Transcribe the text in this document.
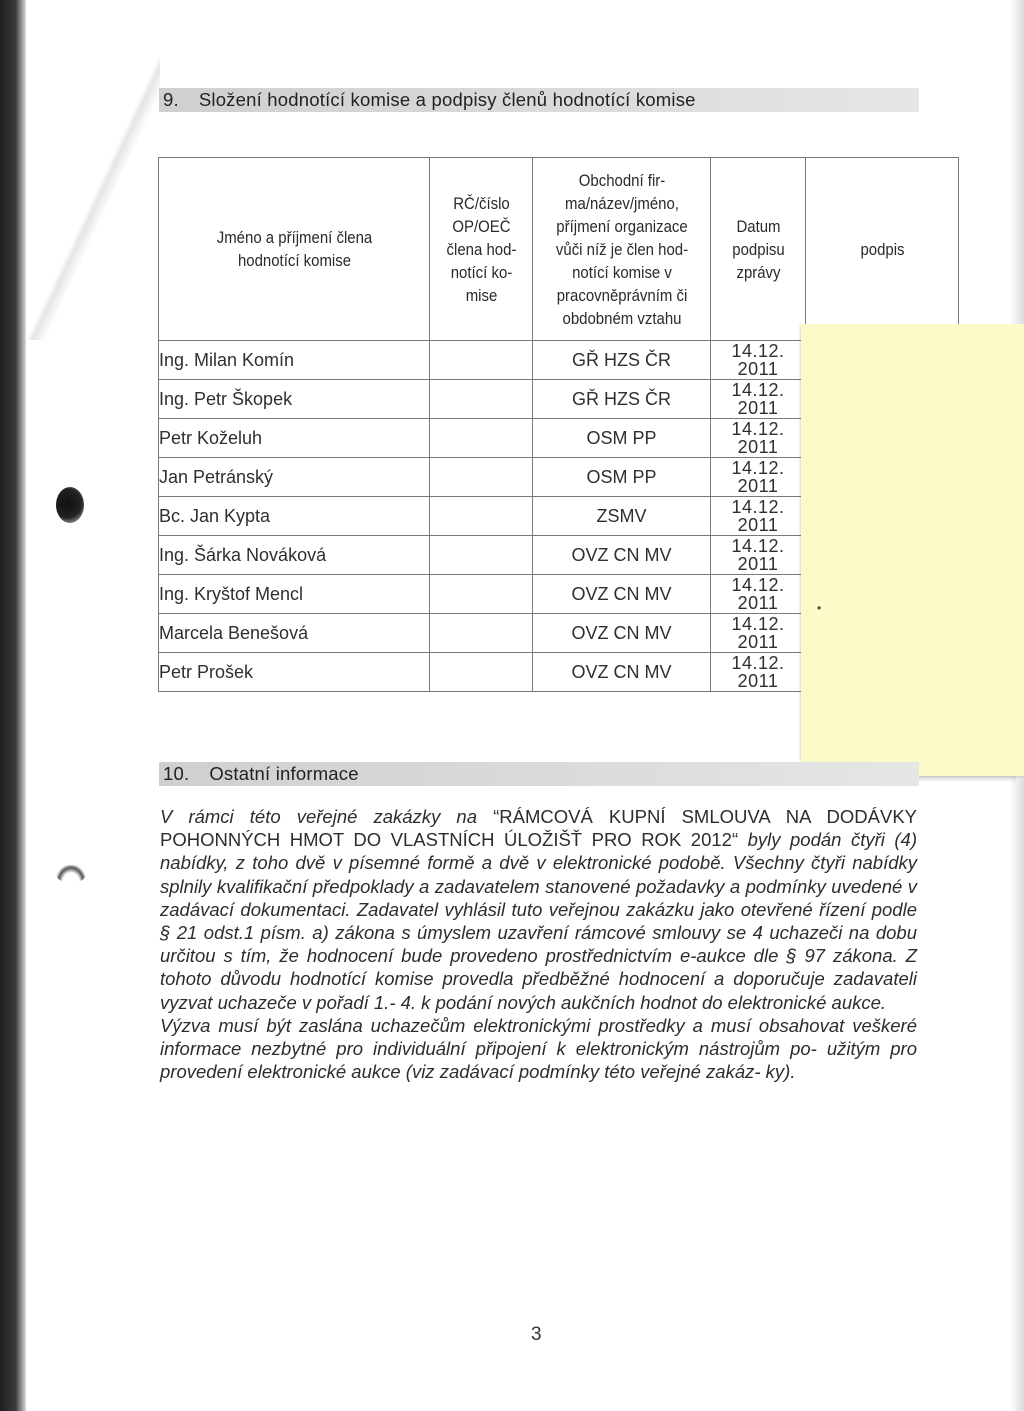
9. Složení hodnotící komise a podpisy členů hodnotící komise
Jméno a příjmení člena hodnotící komise	RČ/číslo OP/OEČ člena hod- notící ko- mise	Obchodní fir- ma/název/jméno, příjmení organizace vůči níž je člen hod- notící komise v pracovněprávním či obdobném vztahu	Datum podpisu zprávy	podpis
Ing. Milan Komín		GŘ HZS ČR	14.12. 2011	
Ing. Petr Škopek		GŘ HZS ČR	14.12. 2011	
Petr Koželuh		OSM PP	14.12. 2011	
Jan Petránský		OSM PP	14.12. 2011	
Bc. Jan Kypta		ZSMV	14.12. 2011	
Ing. Šárka Nováková		OVZ CN MV	14.12. 2011	
Ing. Kryštof Mencl		OVZ CN MV	14.12. 2011	
Marcela Benešová		OVZ CN MV	14.12. 2011	
Petr Prošek		OVZ CN MV	14.12. 2011	
•
10. Ostatní informace
V rámci této veřejné zakázky na “RÁMCOVÁ KUPNÍ SMLOUVA NA DODÁVKY POHONNÝCH HMOT DO VLASTNÍCH ÚLOŽIŠŤ PRO ROK 2012“ byly podán čtyři (4) nabídky, z toho dvě v písemné formě a dvě v elektronické podobě. Všechny čtyři nabídky splnily kvalifikační předpoklady a zadavatelem stanovené požadavky a podmínky uvedené v zadávací dokumentaci. Zadavatel vyhlásil tuto veřejnou zakázku jako otevřené řízení podle § 21 odst.1 písm. a) zákona s úmyslem uzavření rámcové smlouvy se 4 uchazeči na dobu určitou s tím, že hodnocení bude provedeno prostřednictvím e-aukce dle § 97 zákona. Z tohoto důvodu hodnotící komise provedla předběžné hodnocení a doporučuje zadavateli vyzvat uchazeče v pořadí 1.- 4. k podání nových aukčních hodnot do elektronické aukce.
Výzva musí být zaslána uchazečům elektronickými prostředky a musí obsahovat veškeré informace nezbytné pro individuální připojení k elektronickým nástrojům po- užitým pro provedení elektronické aukce (viz zadávací podmínky této veřejné zakáz- ky).
3
